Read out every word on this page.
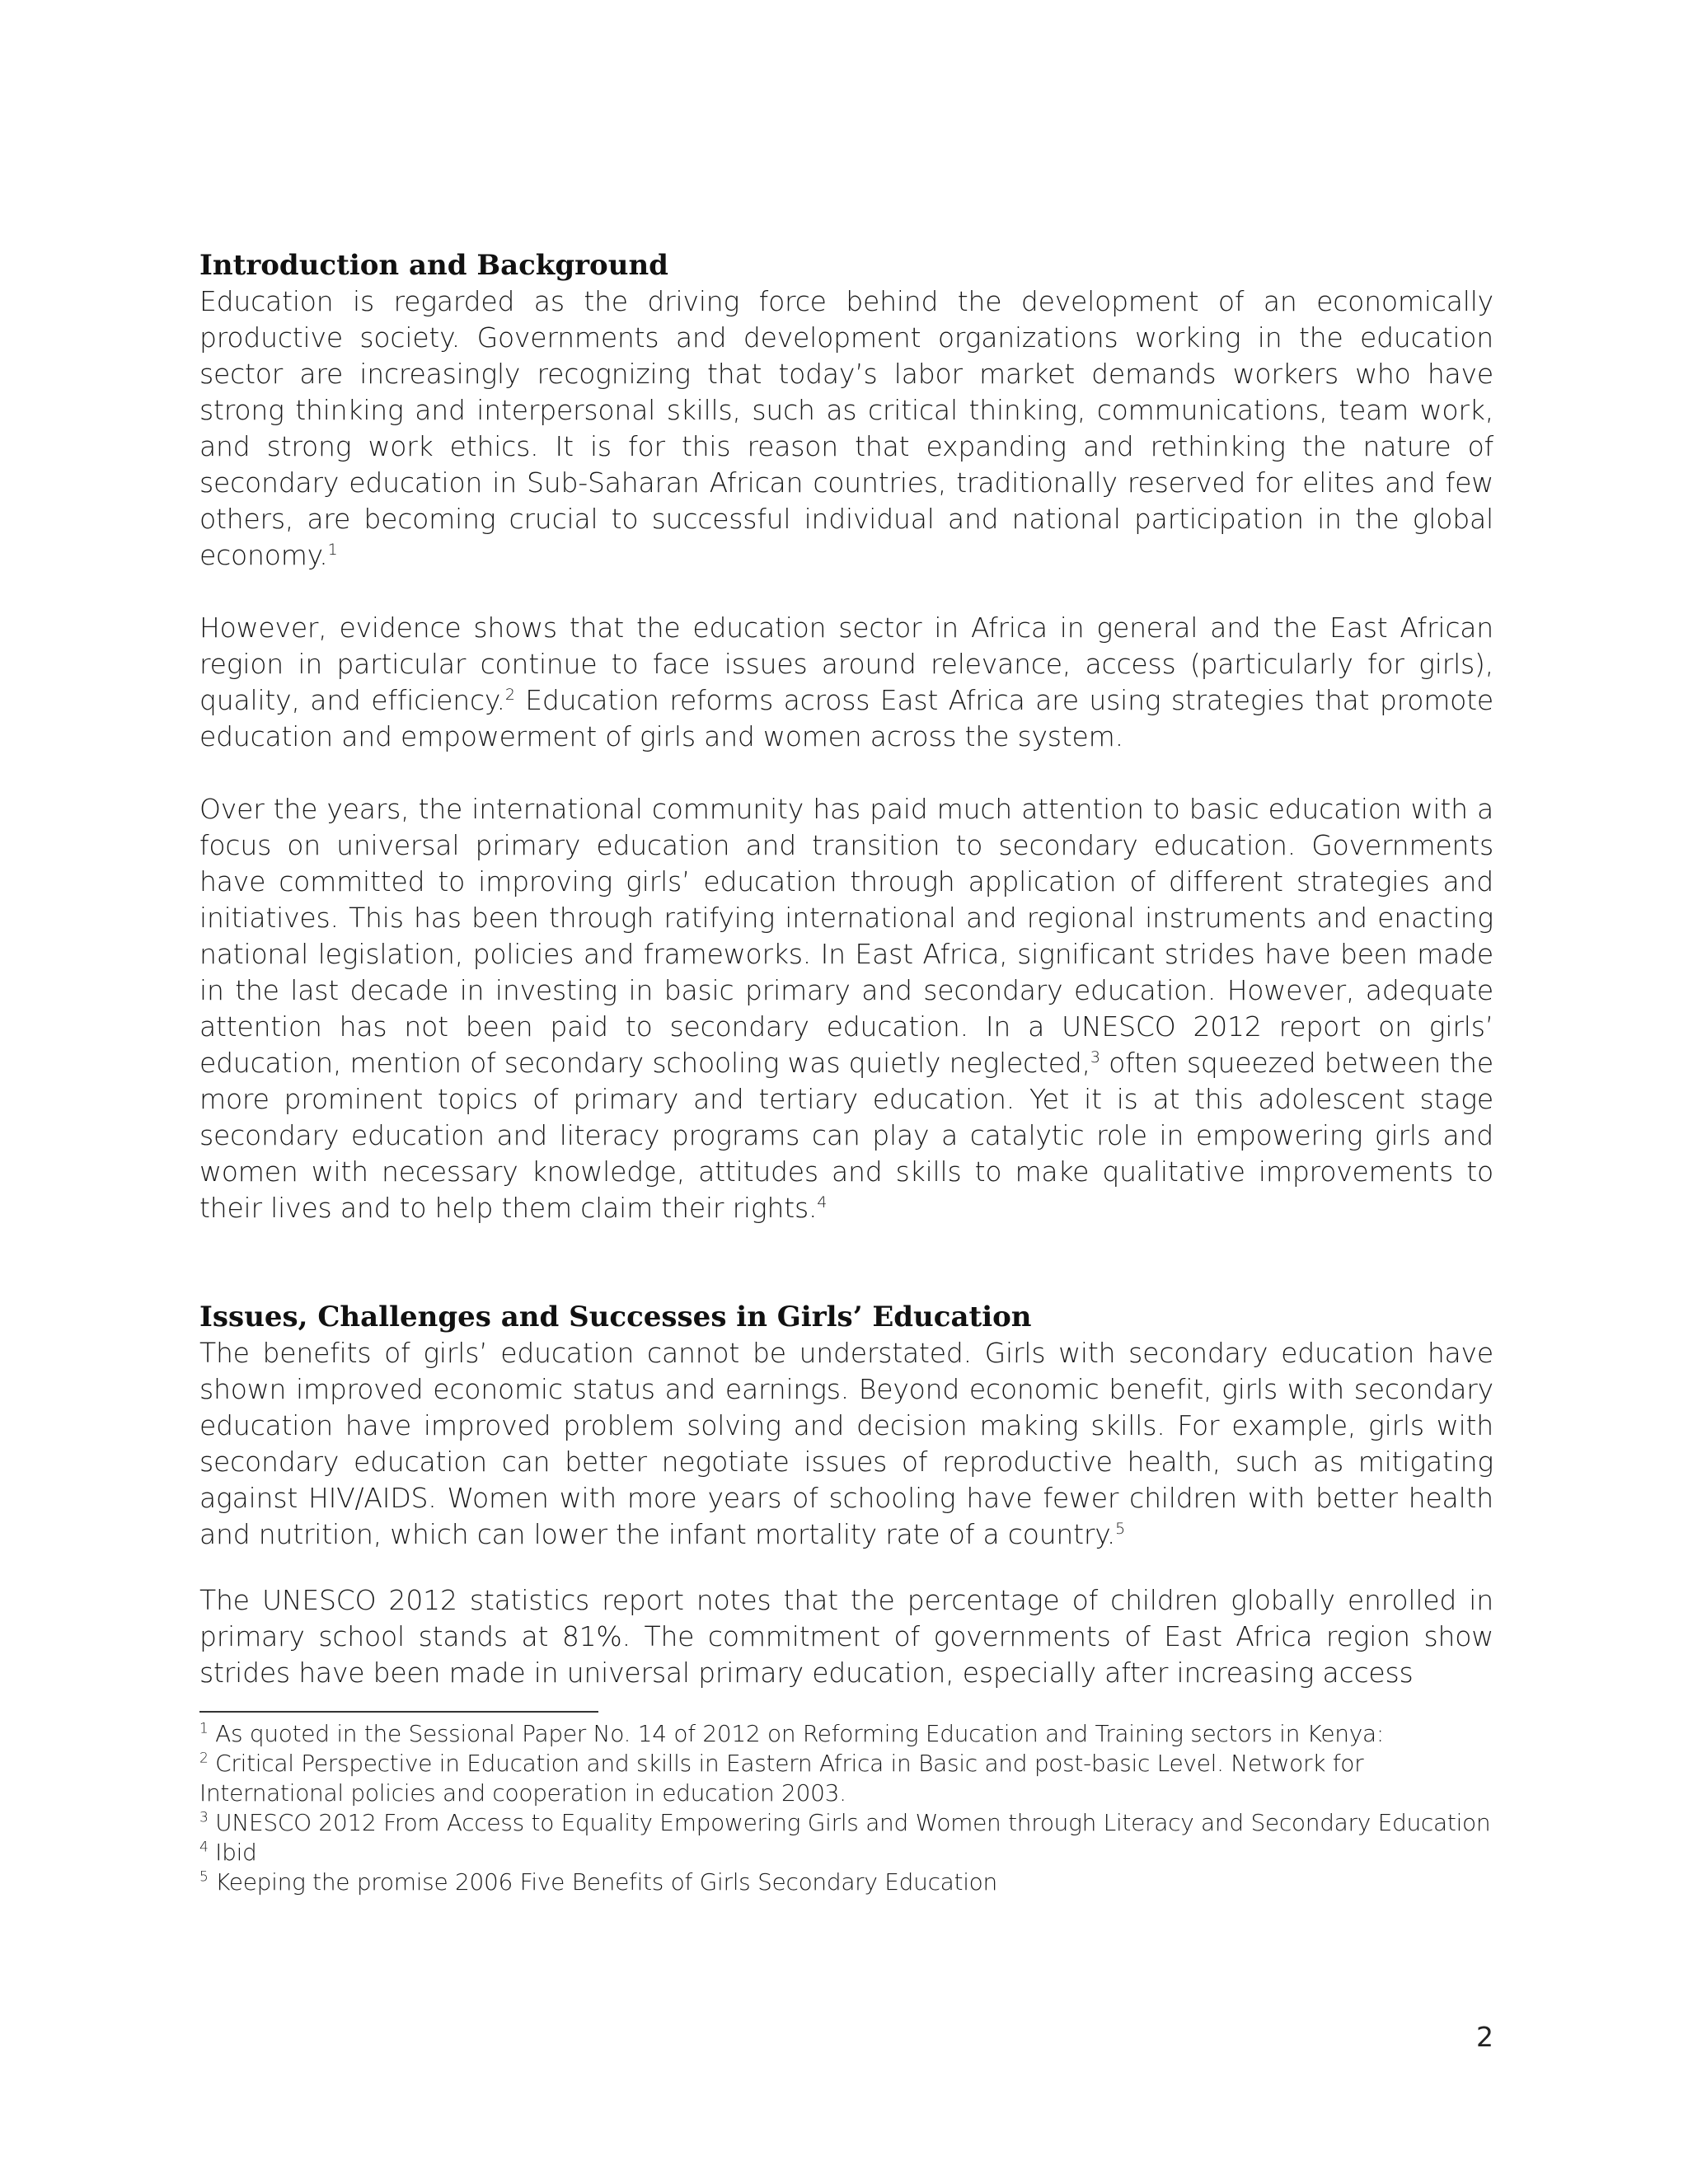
Introduction and Background

Education is regarded as the driving force behind the development of an economically productive society. Governments and development organizations working in the education sector are increasingly recognizing that today’s labor market demands workers who have strong thinking and interpersonal skills, such as critical thinking, communications, team work, and strong work ethics. It is for this reason that expanding and rethinking the nature of secondary education in Sub-Saharan African countries, traditionally reserved for elites and few others, are becoming crucial to successful individual and national participation in the global economy.$^1$

However, evidence shows that the education sector in Africa in general and the East African region in particular continue to face issues around relevance, access (particularly for girls), quality, and efficiency.$^2$ Education reforms across East Africa are using strategies that promote education and empowerment of girls and women across the system.

Over the years, the international community has paid much attention to basic education with a focus on universal primary education and transition to secondary education. Governments have committed to improving girls’ education through application of different strategies and initiatives. This has been through ratifying international and regional instruments and enacting national legislation, policies and frameworks. In East Africa, significant strides have been made in the last decade in investing in basic primary and secondary education. However, adequate attention has not been paid to secondary education. In a UNESCO 2012 report on girls’ education, mention of secondary schooling was quietly neglected,$^3$ often squeezed between the more prominent topics of primary and tertiary education. Yet it is at this adolescent stage secondary education and literacy programs can play a catalytic role in empowering girls and women with necessary knowledge, attitudes and skills to make qualitative improvements to their lives and to help them claim their rights.$^4$

Issues, Challenges and Successes in Girls’ Education

The benefits of girls’ education cannot be understated. Girls with secondary education have shown improved economic status and earnings. Beyond economic benefit, girls with secondary education have improved problem solving and decision making skills. For example, girls with secondary education can better negotiate issues of reproductive health, such as mitigating against HIV/AIDS. Women with more years of schooling have fewer children with better health and nutrition, which can lower the infant mortality rate of a country.$^5$

The UNESCO 2012 statistics report notes that the percentage of children globally enrolled in primary school stands at 81%. The commitment of governments of East Africa region show strides have been made in universal primary education, especially after increasing access

$^1$ As quoted in the Sessional Paper No. 14 of 2012 on Reforming Education and Training sectors in Kenya:

$^2$ Critical Perspective in Education and skills in Eastern Africa in Basic and post-basic Level. Network for International policies and cooperation in education 2003.

$^3$ UNESCO 2012 From Access to Equality Empowering Girls and Women through Literacy and Secondary Education

$^4$ Ibid

$^5$ Keeping the promise 2006 Five Benefits of Girls Secondary Education

2
